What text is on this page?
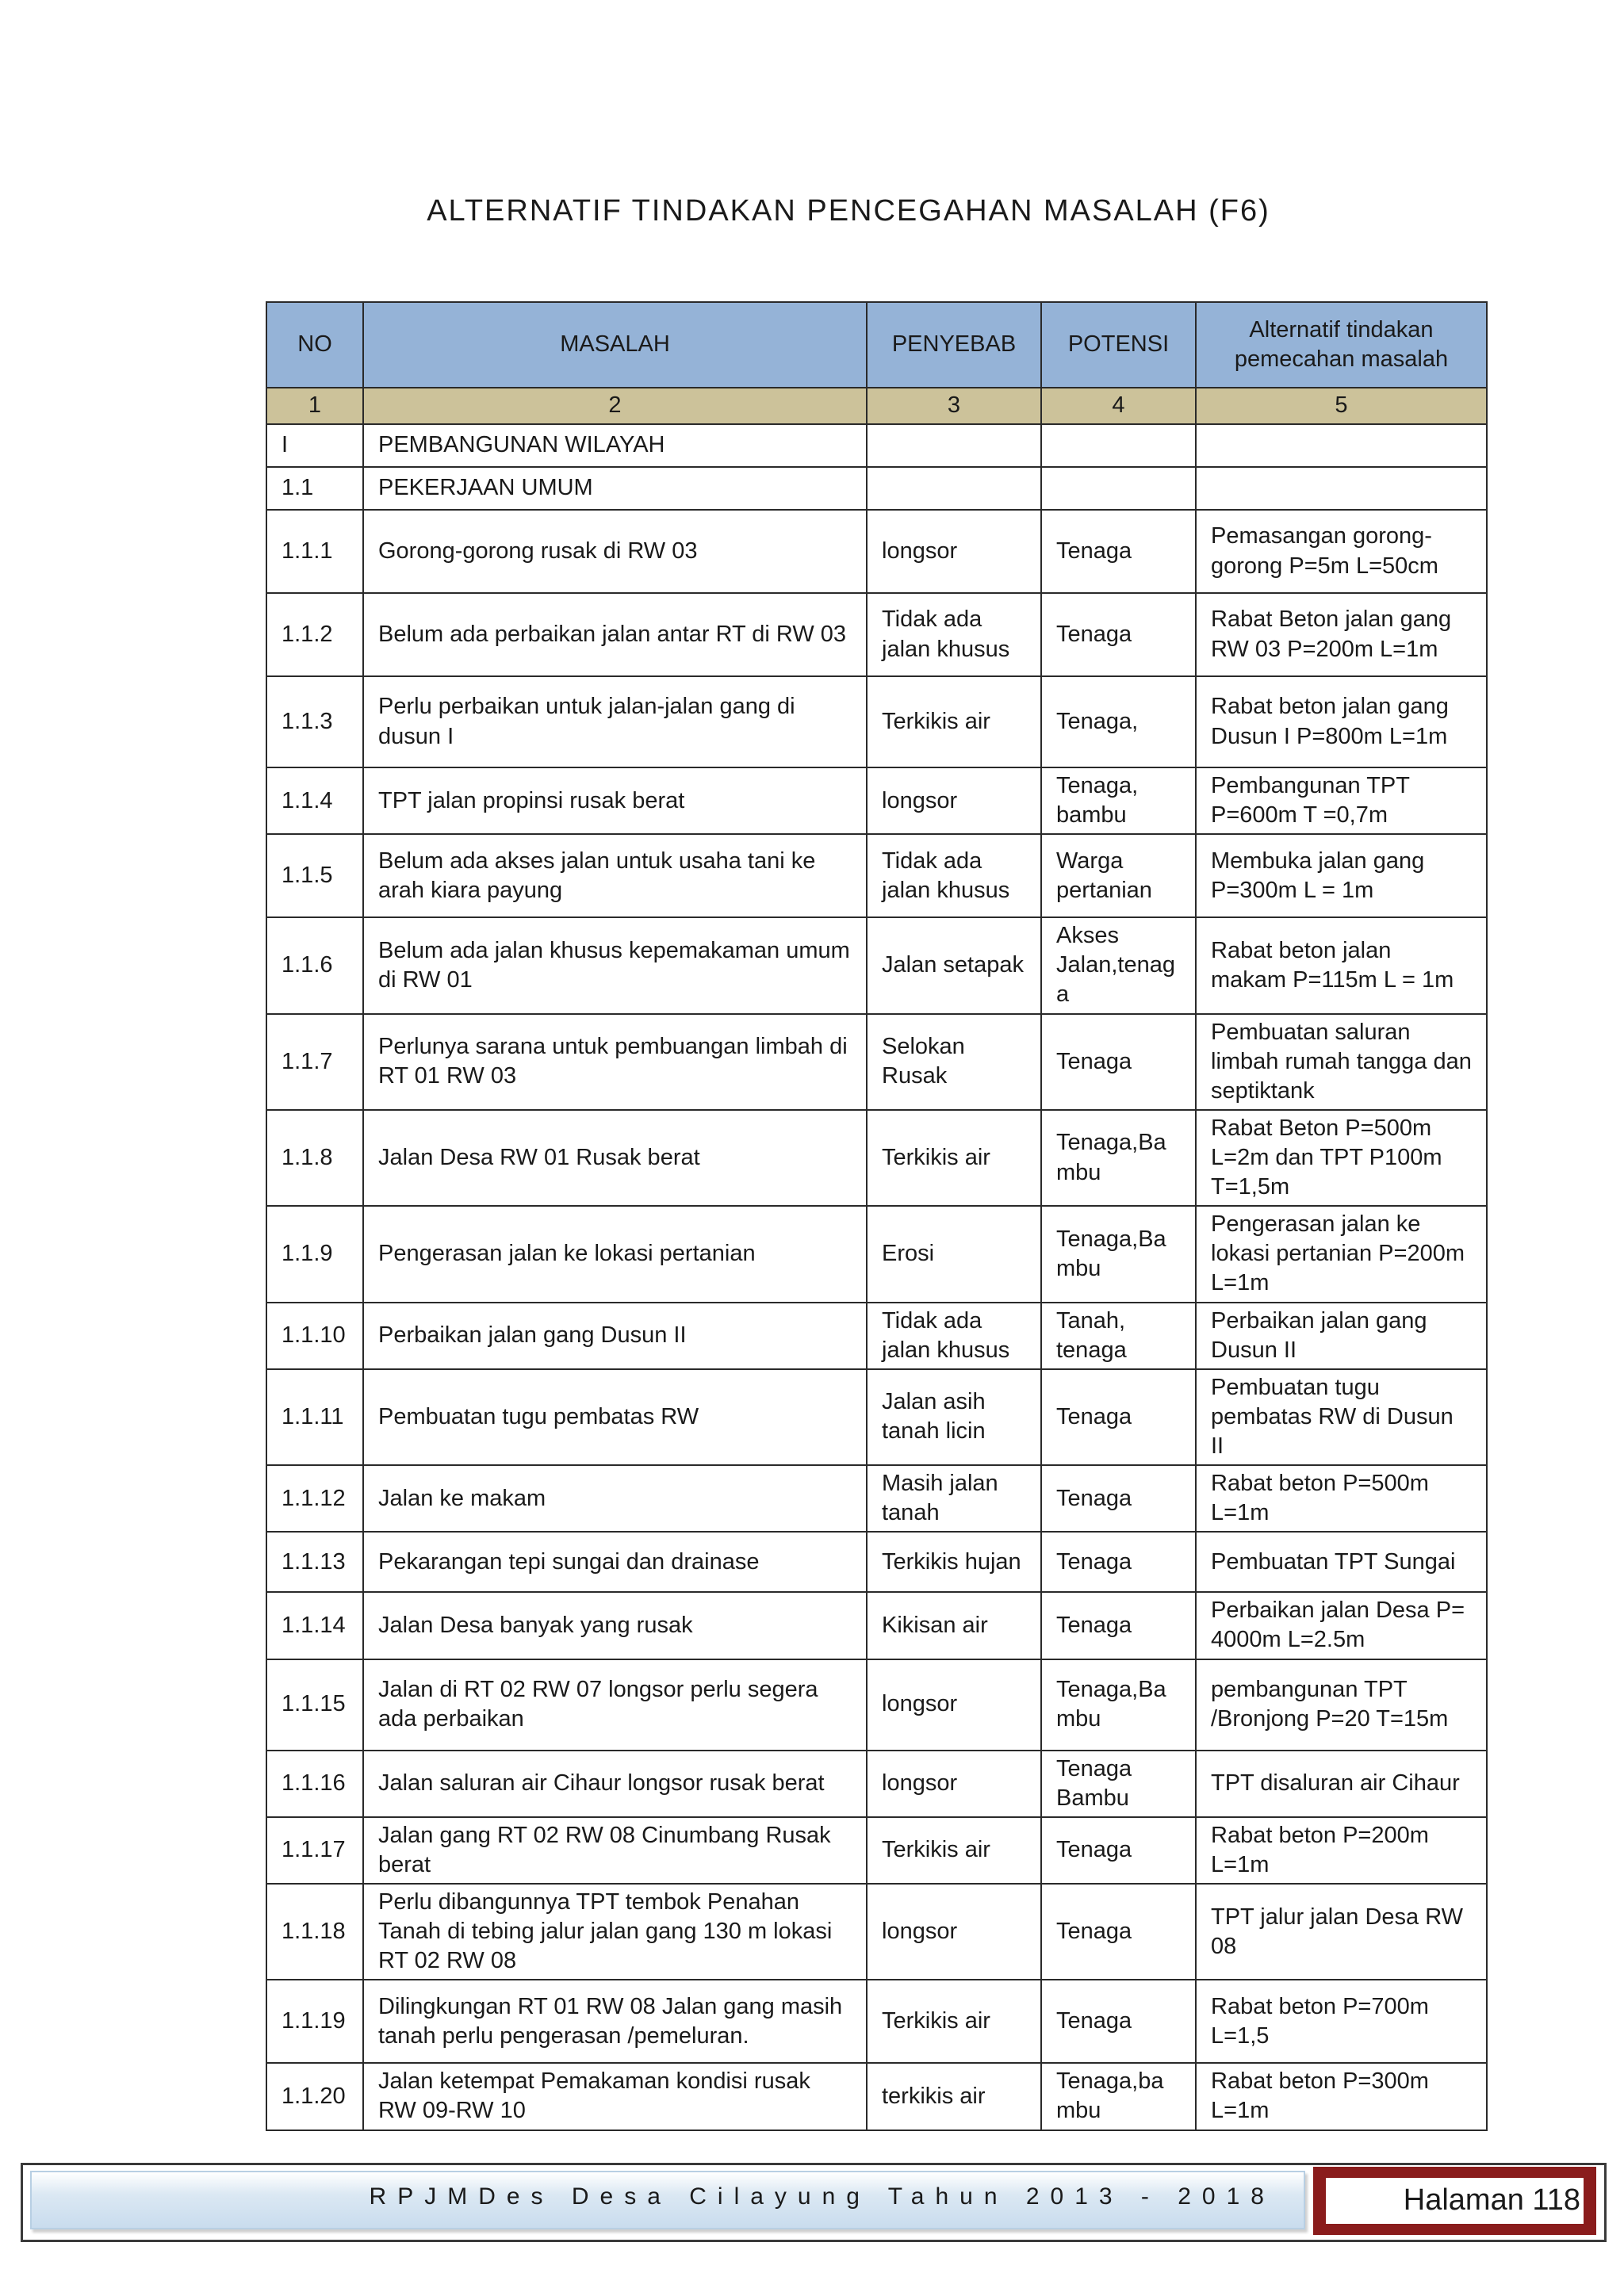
ALTERNATIF TINDAKAN PENCEGAHAN MASALAH (F6)
NO	MASALAH	PENYEBAB	POTENSI	Alternatif tindakan pemecahan masalah
1	2	3	4	5
I	PEMBANGUNAN WILAYAH			
1.1	PEKERJAAN UMUM			
1.1.1	Gorong-gorong rusak di RW 03	longsor	Tenaga	Pemasangan gorong-gorong P=5m L=50cm
1.1.2	Belum ada perbaikan jalan antar RT di RW 03	Tidak ada jalan khusus	Tenaga	Rabat Beton jalan gang RW 03 P=200m L=1m
1.1.3	Perlu perbaikan untuk jalan-jalan gang di dusun I	Terkikis air	Tenaga,	Rabat beton jalan gang Dusun I P=800m L=1m
1.1.4	TPT jalan propinsi rusak berat	longsor	Tenaga, bambu	Pembangunan TPT P=600m T =0,7m
1.1.5	Belum ada akses jalan untuk usaha tani ke arah kiara payung	Tidak ada jalan khusus	Warga pertanian	Membuka jalan gang P=300m L = 1m
1.1.6	Belum ada jalan khusus kepemakaman umum di RW 01	Jalan setapak	Akses Jalan,tenaga	Rabat beton jalan makam P=115m L = 1m
1.1.7	Perlunya sarana untuk pembuangan limbah di RT 01 RW 03	Selokan Rusak	Tenaga	Pembuatan saluran limbah rumah tangga dan septiktank
1.1.8	Jalan Desa RW 01 Rusak berat	Terkikis air	Tenaga,Bambu	Rabat Beton P=500m L=2m dan TPT P100m T=1,5m
1.1.9	Pengerasan jalan ke lokasi pertanian	Erosi	Tenaga,Bambu	Pengerasan jalan ke lokasi pertanian P=200m L=1m
1.1.10	Perbaikan jalan gang Dusun II	Tidak ada jalan khusus	Tanah, tenaga	Perbaikan jalan gang Dusun II
1.1.11	Pembuatan tugu pembatas RW	Jalan asih tanah licin	Tenaga	Pembuatan tugu pembatas RW di Dusun II
1.1.12	Jalan ke makam	Masih jalan tanah	Tenaga	Rabat beton P=500m L=1m
1.1.13	Pekarangan tepi sungai dan drainase	Terkikis hujan	Tenaga	Pembuatan TPT Sungai
1.1.14	Jalan Desa banyak yang rusak	Kikisan air	Tenaga	Perbaikan jalan Desa P= 4000m L=2.5m
1.1.15	Jalan di RT 02 RW 07 longsor perlu segera ada perbaikan	longsor	Tenaga,Bambu	pembangunan TPT /Bronjong P=20 T=15m
1.1.16	Jalan saluran air Cihaur longsor rusak berat	longsor	Tenaga Bambu	TPT disaluran air Cihaur
1.1.17	Jalan gang RT 02 RW 08 Cinumbang Rusak berat	Terkikis air	Tenaga	Rabat beton P=200m L=1m
1.1.18	Perlu dibangunnya TPT tembok Penahan Tanah di tebing jalur jalan gang 130 m lokasi RT 02 RW 08	longsor	Tenaga	TPT jalur jalan Desa RW 08
1.1.19	Dilingkungan RT 01 RW 08 Jalan gang masih tanah perlu pengerasan /pemeluran.	Terkikis air	Tenaga	Rabat beton P=700m L=1,5
1.1.20	Jalan ketempat Pemakaman kondisi rusak RW 09-RW 10	terkikis air	Tenaga,bambu	Rabat beton P=300m L=1m
RPJMDes Desa Cilayung Tahun 2013 - 2018	Halaman 118
